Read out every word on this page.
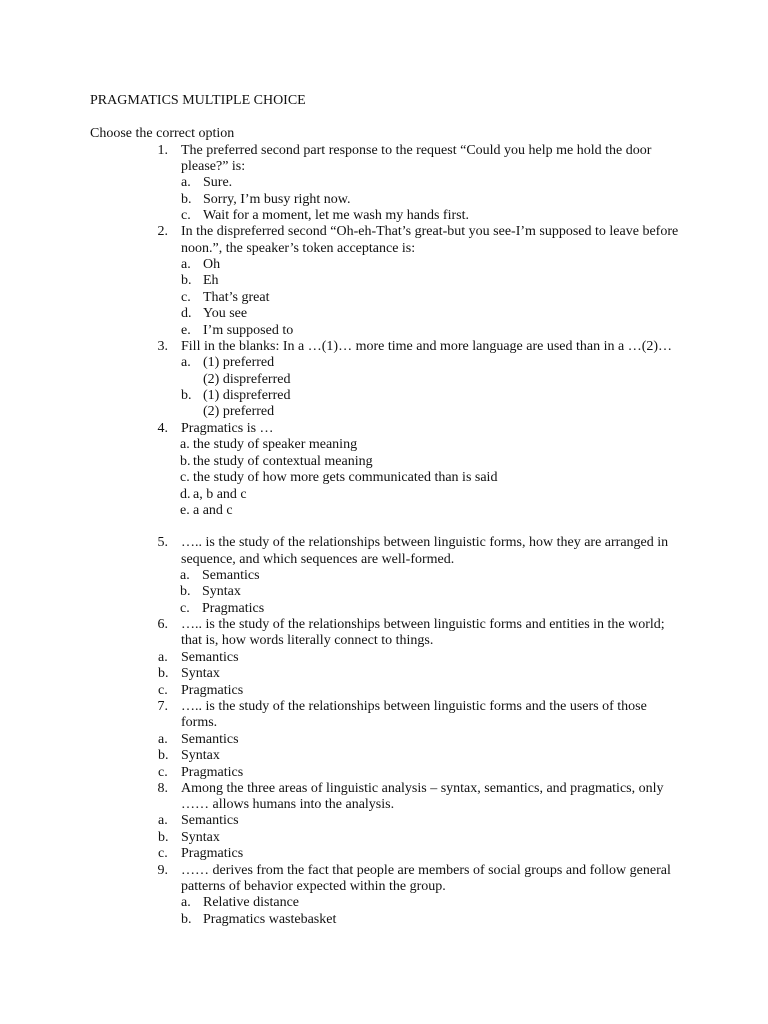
PRAGMATICS MULTIPLE CHOICE
Choose the correct option
1. The preferred second part response to the request “Could you help me hold the door
please?” is:
a. Sure.
b. Sorry, I’m busy right now.
c. Wait for a moment, let me wash my hands first.
2. In the dispreferred second “Oh-eh-That’s great-but you see-I’m supposed to leave before
noon.”, the speaker’s token acceptance is:
a. Oh
b. Eh
c. That’s great
d. You see
e. I’m supposed to
3. Fill in the blanks: In a …(1)… more time and more language are used than in a …(2)…
a. (1) preferred
(2) dispreferred
b. (1) dispreferred
(2) preferred
4. Pragmatics is …
a. the study of speaker meaning
b. the study of contextual meaning
c. the study of how more gets communicated than is said
d. a, b and c
e. a and c
5. ….. is the study of the relationships between linguistic forms, how they are arranged in
sequence, and which sequences are well-formed.
a. Semantics
b. Syntax
c. Pragmatics
6. ….. is the study of the relationships between linguistic forms and entities in the world;
that is, how words literally connect to things.
a. Semantics
b. Syntax
c. Pragmatics
7. ….. is the study of the relationships between linguistic forms and the users of those
forms.
a. Semantics
b. Syntax
c. Pragmatics
8. Among the three areas of linguistic analysis – syntax, semantics, and pragmatics, only
…… allows humans into the analysis.
a. Semantics
b. Syntax
c. Pragmatics
9. …… derives from the fact that people are members of social groups and follow general
patterns of behavior expected within the group.
a. Relative distance
b. Pragmatics wastebasket
